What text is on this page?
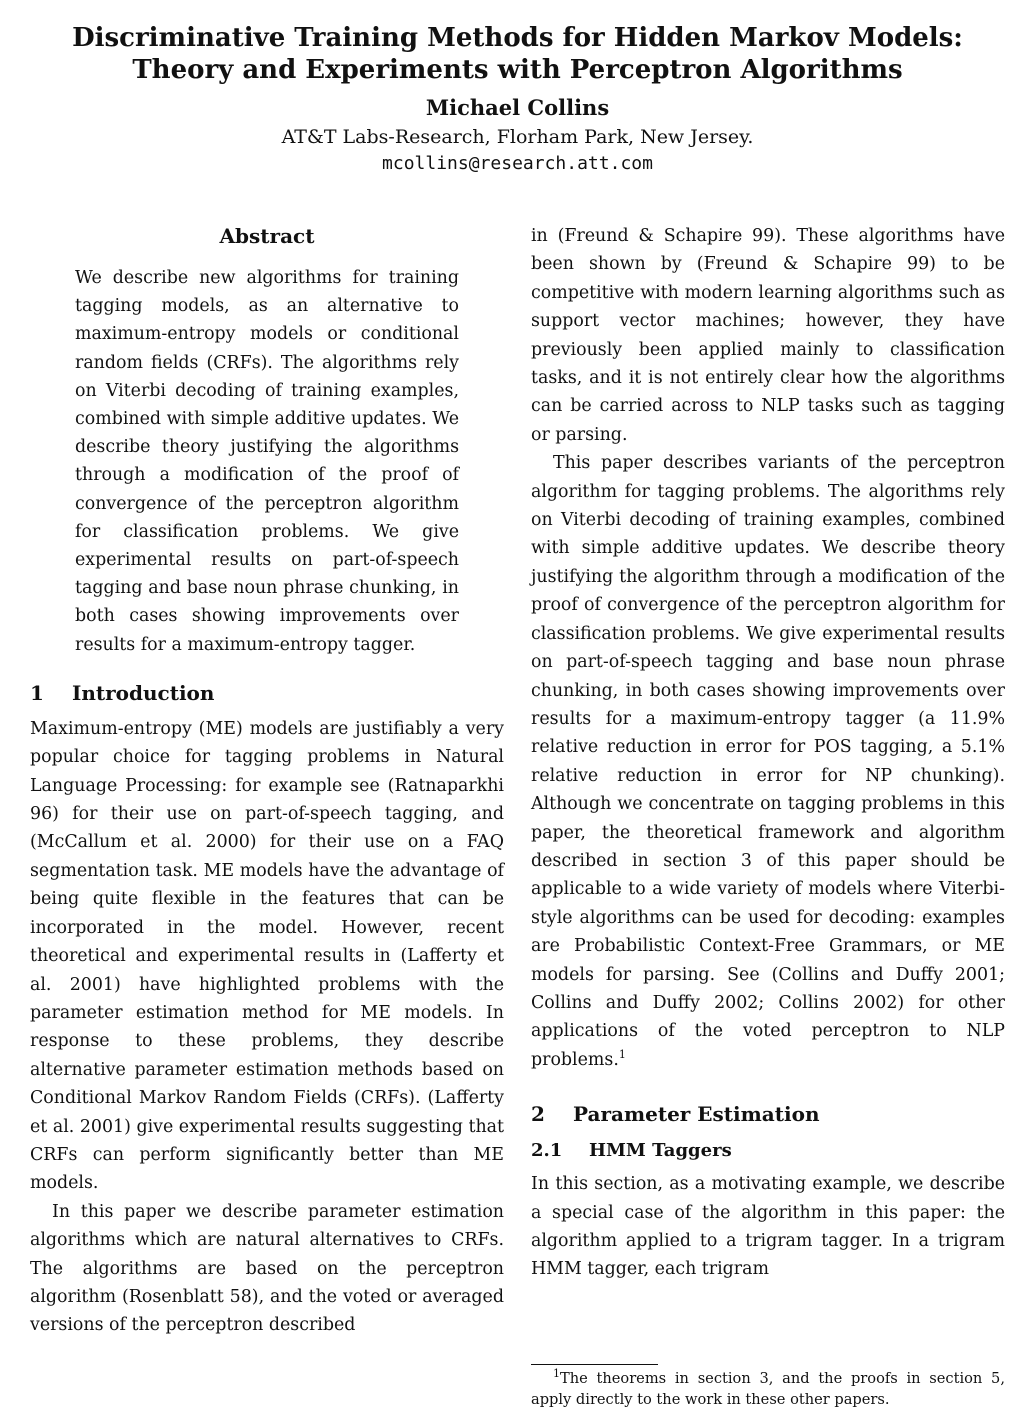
Discriminative Training Methods for Hidden Markov Models:
Theory and Experiments with Perceptron Algorithms
Michael Collins
AT&T Labs-Research, Florham Park, New Jersey.
mcollins@research.att.com
Abstract

We describe new algorithms for training tagging models, as an alternative to maximum-entropy models or conditional random fields (CRFs). The algorithms rely on Viterbi decoding of training examples, combined with simple additive updates. We describe theory justifying the algorithms through a modification of the proof of convergence of the perceptron algorithm for classification problems. We give experimental results on part-of-speech tagging and base noun phrase chunking, in both cases showing improvements over results for a maximum-entropy tagger.

1 Introduction

Maximum-entropy (ME) models are justifiably a very popular choice for tagging problems in Natural Language Processing: for example see (Ratnaparkhi 96) for their use on part-of-speech tagging, and (McCallum et al. 2000) for their use on a FAQ segmentation task. ME models have the advantage of being quite flexible in the features that can be incorporated in the model. However, recent theoretical and experimental results in (Lafferty et al. 2001) have highlighted problems with the parameter estimation method for ME models. In response to these problems, they describe alternative parameter estimation methods based on Conditional Markov Random Fields (CRFs). (Lafferty et al. 2001) give experimental results suggesting that CRFs can perform significantly better than ME models.

In this paper we describe parameter estimation algorithms which are natural alternatives to CRFs. The algorithms are based on the perceptron algorithm (Rosenblatt 58), and the voted or averaged versions of the perceptron described

in (Freund & Schapire 99). These algorithms have been shown by (Freund & Schapire 99) to be competitive with modern learning algorithms such as support vector machines; however, they have previously been applied mainly to classification tasks, and it is not entirely clear how the algorithms can be carried across to NLP tasks such as tagging or parsing.

This paper describes variants of the perceptron algorithm for tagging problems. The algorithms rely on Viterbi decoding of training examples, combined with simple additive updates. We describe theory justifying the algorithm through a modification of the proof of convergence of the perceptron algorithm for classification problems. We give experimental results on part-of-speech tagging and base noun phrase chunking, in both cases showing improvements over results for a maximum-entropy tagger (a 11.9% relative reduction in error for POS tagging, a 5.1% relative reduction in error for NP chunking). Although we concentrate on tagging problems in this paper, the theoretical framework and algorithm described in section 3 of this paper should be applicable to a wide variety of models where Viterbi-style algorithms can be used for decoding: examples are Probabilistic Context-Free Grammars, or ME models for parsing. See (Collins and Duffy 2001; Collins and Duffy 2002; Collins 2002) for other applications of the voted perceptron to NLP problems.$^1$

2 Parameter Estimation
2.1 HMM Taggers

In this section, as a motivating example, we describe a special case of the algorithm in this paper: the algorithm applied to a trigram tagger. In a trigram HMM tagger, each trigram

$^1$The theorems in section 3, and the proofs in section 5, apply directly to the work in these other papers.
